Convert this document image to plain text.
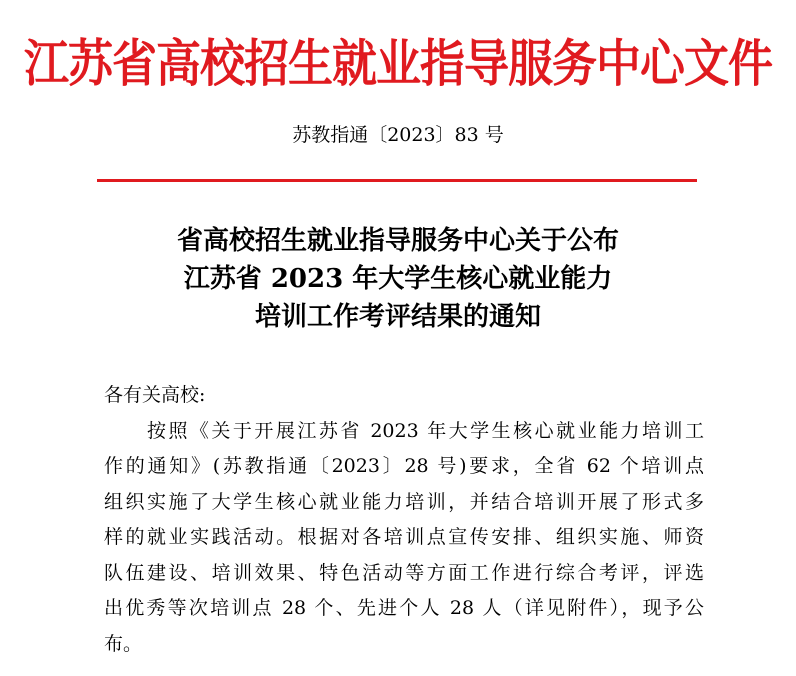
江苏省高校招生就业指导服务中心文件
苏教指通〔2023〕83 号
省高校招生就业指导服务中心关于公布
江苏省 2023 年大学生核心就业能力
培训工作考评结果的通知
各有关高校:
　　按照《关于开展江苏省 2023 年大学生核心就业能力培训工
作的通知》(苏教指通〔2023〕28 号)要求，全省 62 个培训点
组织实施了大学生核心就业能力培训，并结合培训开展了形式多
样的就业实践活动。根据对各培训点宣传安排、组织实施、师资
队伍建设、培训效果、特色活动等方面工作进行综合考评，评选
出优秀等次培训点 28 个、先进个人 28 人（详见附件），现予公
布。
